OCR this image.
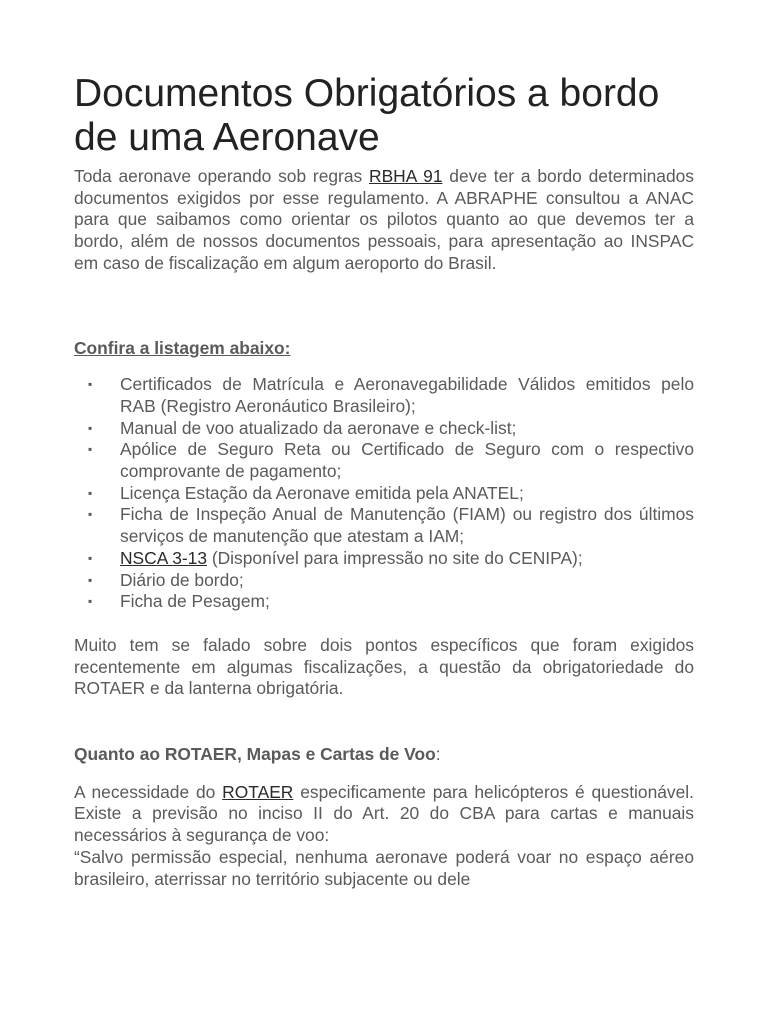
Documentos Obrigatórios a bordo de uma Aeronave

Toda aeronave operando sob regras RBHA 91 deve ter a bordo determinados documentos exigidos por esse regulamento. A ABRAPHE consultou a ANAC para que saibamos como orientar os pilotos quanto ao que devemos ter a bordo, além de nossos documentos pessoais, para apresentação ao INSPAC em caso de fiscalização em algum aeroporto do Brasil.

Confira a listagem abaixo:

▪ Certificados de Matrícula e Aeronavegabilidade Válidos emitidos pelo RAB (Registro Aeronáutico Brasileiro);
▪ Manual de voo atualizado da aeronave e check-list;
▪ Apólice de Seguro Reta ou Certificado de Seguro com o respectivo comprovante de pagamento;
▪ Licença Estação da Aeronave emitida pela ANATEL;
▪ Ficha de Inspeção Anual de Manutenção (FIAM) ou registro dos últimos serviços de manutenção que atestam a IAM;
▪ NSCA 3-13 (Disponível para impressão no site do CENIPA);
▪ Diário de bordo;
▪ Ficha de Pesagem;

Muito tem se falado sobre dois pontos específicos que foram exigidos recentemente em algumas fiscalizações, a questão da obrigatoriedade do ROTAER e da lanterna obrigatória.

Quanto ao ROTAER, Mapas e Cartas de Voo:

A necessidade do ROTAER especificamente para helicópteros é questionável. Existe a previsão no inciso II do Art. 20 do CBA para cartas e manuais necessários à segurança de voo:

“Salvo permissão especial, nenhuma aeronave poderá voar no espaço aéreo brasileiro, aterrissar no território subjacente ou dele
